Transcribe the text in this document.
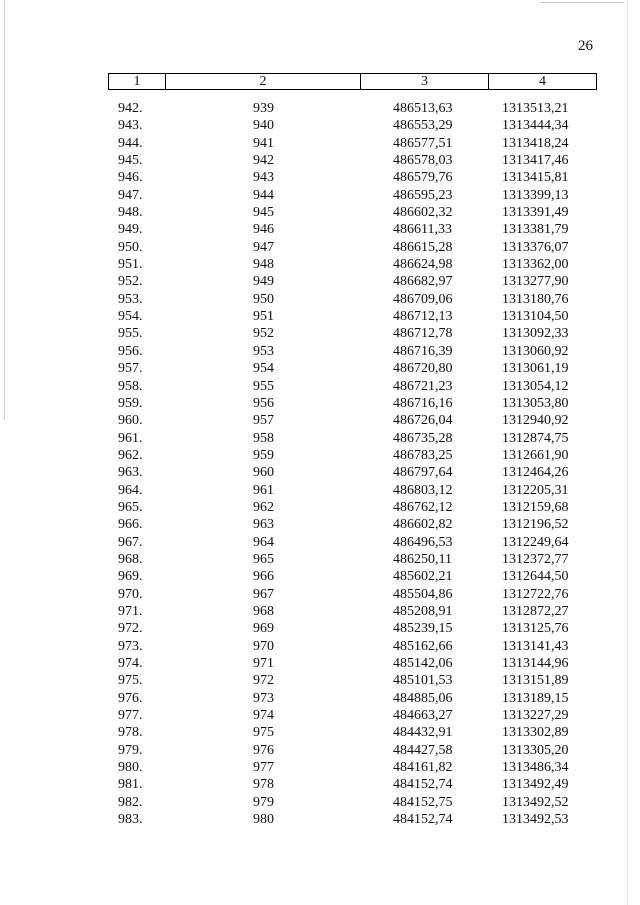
26
1	2	3	4
942.	939	486513,63	1313513,21
943.	940	486553,29	1313444,34
944.	941	486577,51	1313418,24
945.	942	486578,03	1313417,46
946.	943	486579,76	1313415,81
947.	944	486595,23	1313399,13
948.	945	486602,32	1313391,49
949.	946	486611,33	1313381,79
950.	947	486615,28	1313376,07
951.	948	486624,98	1313362,00
952.	949	486682,97	1313277,90
953.	950	486709,06	1313180,76
954.	951	486712,13	1313104,50
955.	952	486712,78	1313092,33
956.	953	486716,39	1313060,92
957.	954	486720,80	1313061,19
958.	955	486721,23	1313054,12
959.	956	486716,16	1313053,80
960.	957	486726,04	1312940,92
961.	958	486735,28	1312874,75
962.	959	486783,25	1312661,90
963.	960	486797,64	1312464,26
964.	961	486803,12	1312205,31
965.	962	486762,12	1312159,68
966.	963	486602,82	1312196,52
967.	964	486496,53	1312249,64
968.	965	486250,11	1312372,77
969.	966	485602,21	1312644,50
970.	967	485504,86	1312722,76
971.	968	485208,91	1312872,27
972.	969	485239,15	1313125,76
973.	970	485162,66	1313141,43
974.	971	485142,06	1313144,96
975.	972	485101,53	1313151,89
976.	973	484885,06	1313189,15
977.	974	484663,27	1313227,29
978.	975	484432,91	1313302,89
979.	976	484427,58	1313305,20
980.	977	484161,82	1313486,34
981.	978	484152,74	1313492,49
982.	979	484152,75	1313492,52
983.	980	484152,74	1313492,53
